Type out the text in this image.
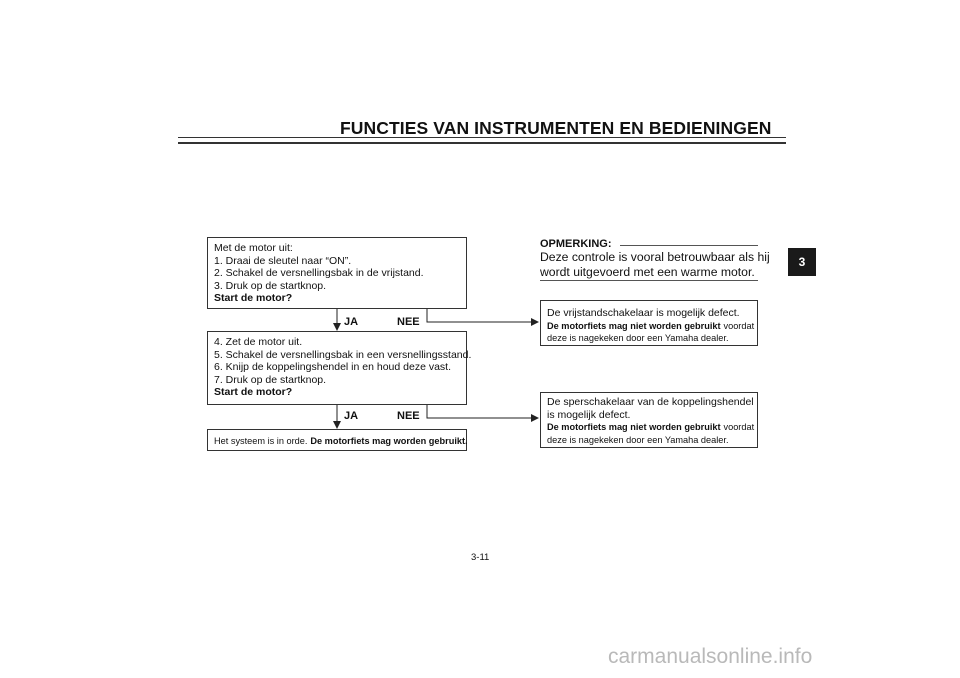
FUNCTIES VAN INSTRUMENTEN EN BEDIENINGEN
3
OPMERKING:
Deze controle is vooral betrouwbaar als hij
wordt uitgevoerd met een warme motor.
Met de motor uit:
1. Draai de sleutel naar “ON”.
2. Schakel de versnellingsbak in de vrijstand.
3. Druk op de startknop.
Start de motor?
JA	NEE
4. Zet de motor uit.
5. Schakel de versnellingsbak in een versnellingsstand.
6. Knijp de koppelingshendel in en houd deze vast.
7. Druk op de startknop.
Start de motor?
JA	NEE
Het systeem is in orde. De motorfiets mag worden gebruikt.
De vrijstandschakelaar is mogelijk defect.
De motorfiets mag niet worden gebruikt voordat
deze is nagekeken door een Yamaha dealer.
De sperschakelaar van de koppelingshendel
is mogelijk defect.
De motorfiets mag niet worden gebruikt voordat
deze is nagekeken door een Yamaha dealer.
3-11
carmanualsonline.info
